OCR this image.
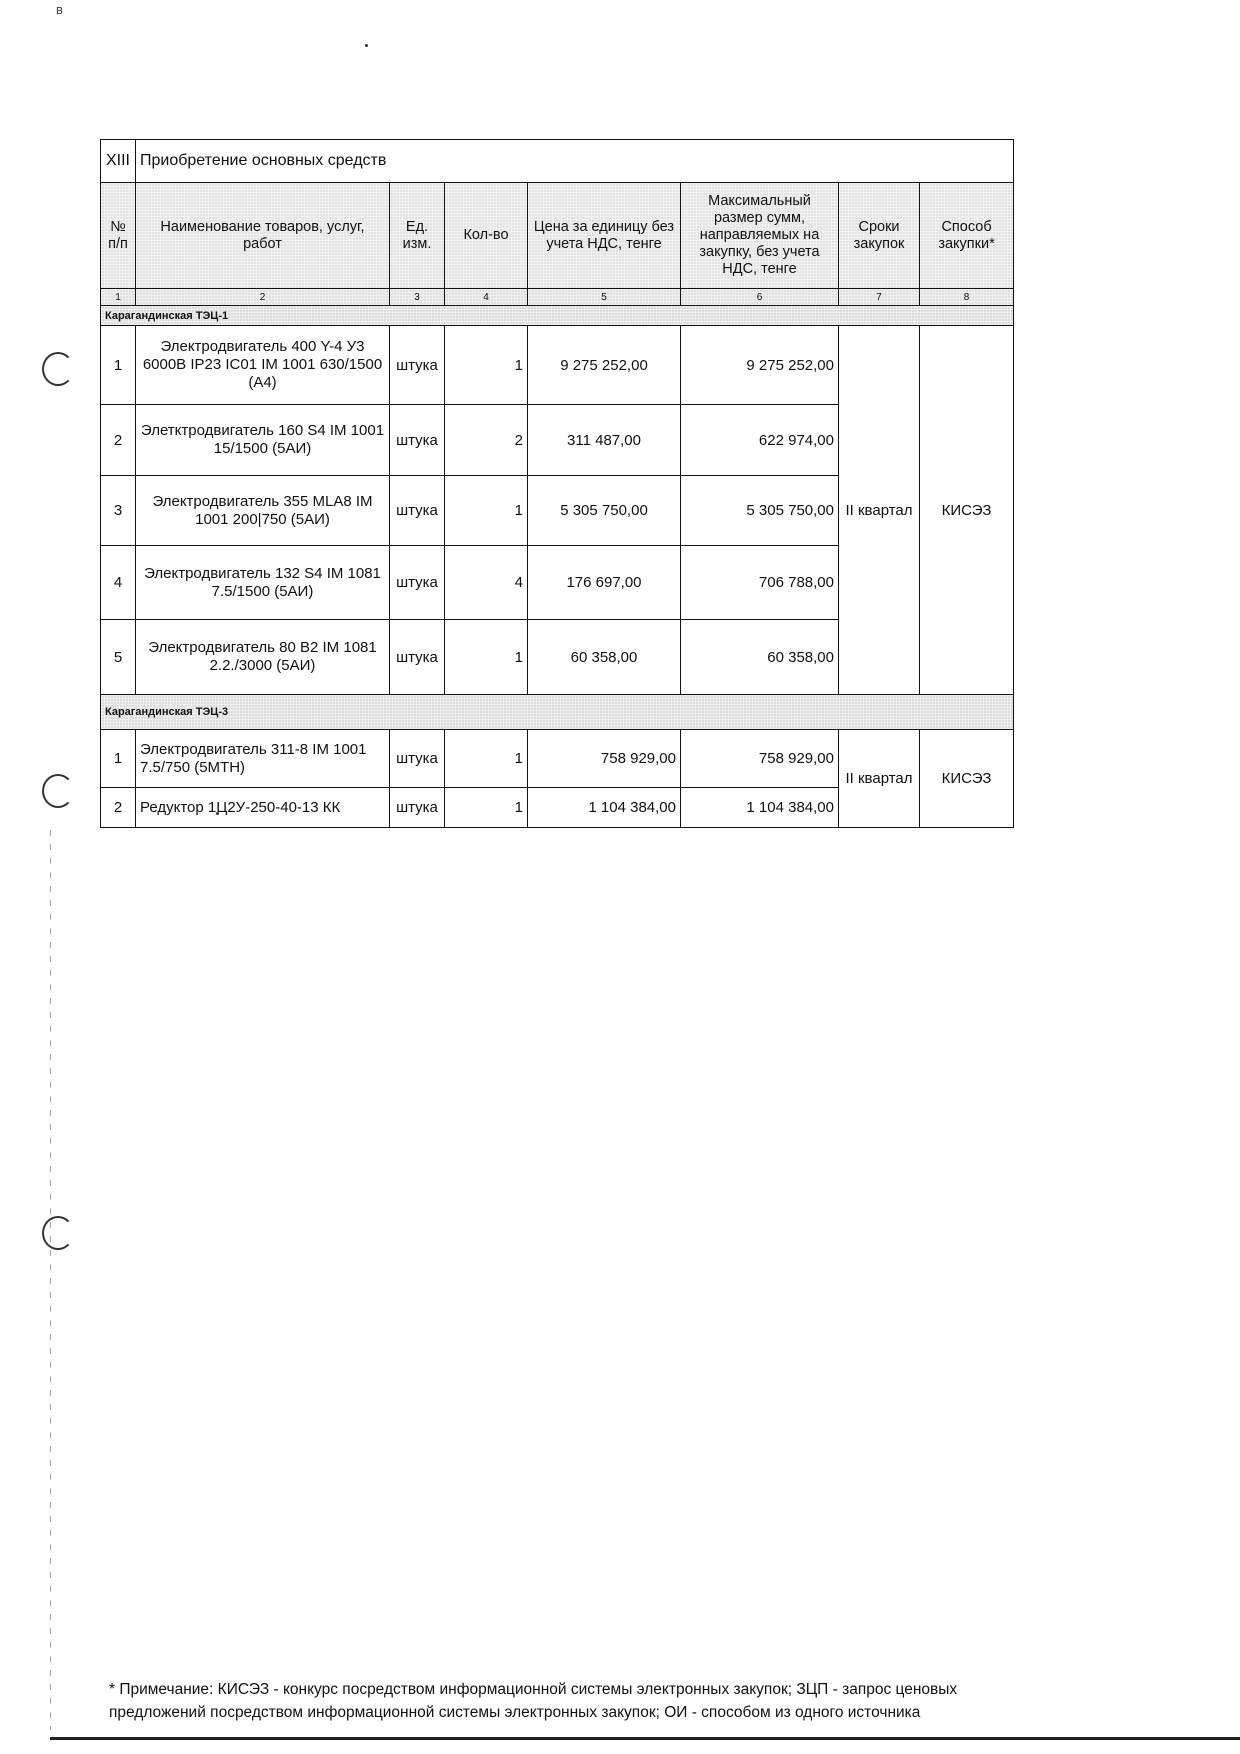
в
XIII	Приобретение основных средств						
№ п/п	Наименование товаров, услуг, работ	Ед. изм.	Кол-во	Цена за единицу без учета НДС, тенге	Максимальный размер сумм, направляемых на закупку, без учета НДС, тенге	Сроки закупок	Способ закупки*
1	2	3	4	5	6	7	8
Карагандинская ТЭЦ-1							
1	Электродвигатель 400 Y-4 У3 6000В IP23 IC01 IM 1001 630/1500 (А4)	штука	1	9 275 252,00	9 275 252,00	II квартал	КИСЭЗ
2	Элетктродвигатель 160 S4 IM 1001 15/1500 (5АИ)	штука	2	311 487,00	622 974,00		
3	Электродвигатель 355 MLA8 IM 1001 200|750 (5АИ)	штука	1	5 305 750,00	5 305 750,00		
4	Электродвигатель 132 S4 IM 1081 7.5/1500 (5АИ)	штука	4	176 697,00	706 788,00		
5	Электродвигатель 80 В2 IM 1081 2.2./3000 (5АИ)	штука	1	60 358,00	60 358,00		
Карагандинская ТЭЦ-3							
1	Электродвигатель 311-8 IM 1001 7.5/750 (5МТН)	штука	1	758 929,00	758 929,00	II квартал	КИСЭЗ
2	Редуктор 1Ц2У-250-40-13 КК	штука	1	1 104 384,00	1 104 384,00		
* Примечание: КИСЭЗ - конкурс посредством информационной системы электронных закупок; ЗЦП - запрос ценовых предложений посредством информационной системы электронных закупок; ОИ - способом из одного источника
